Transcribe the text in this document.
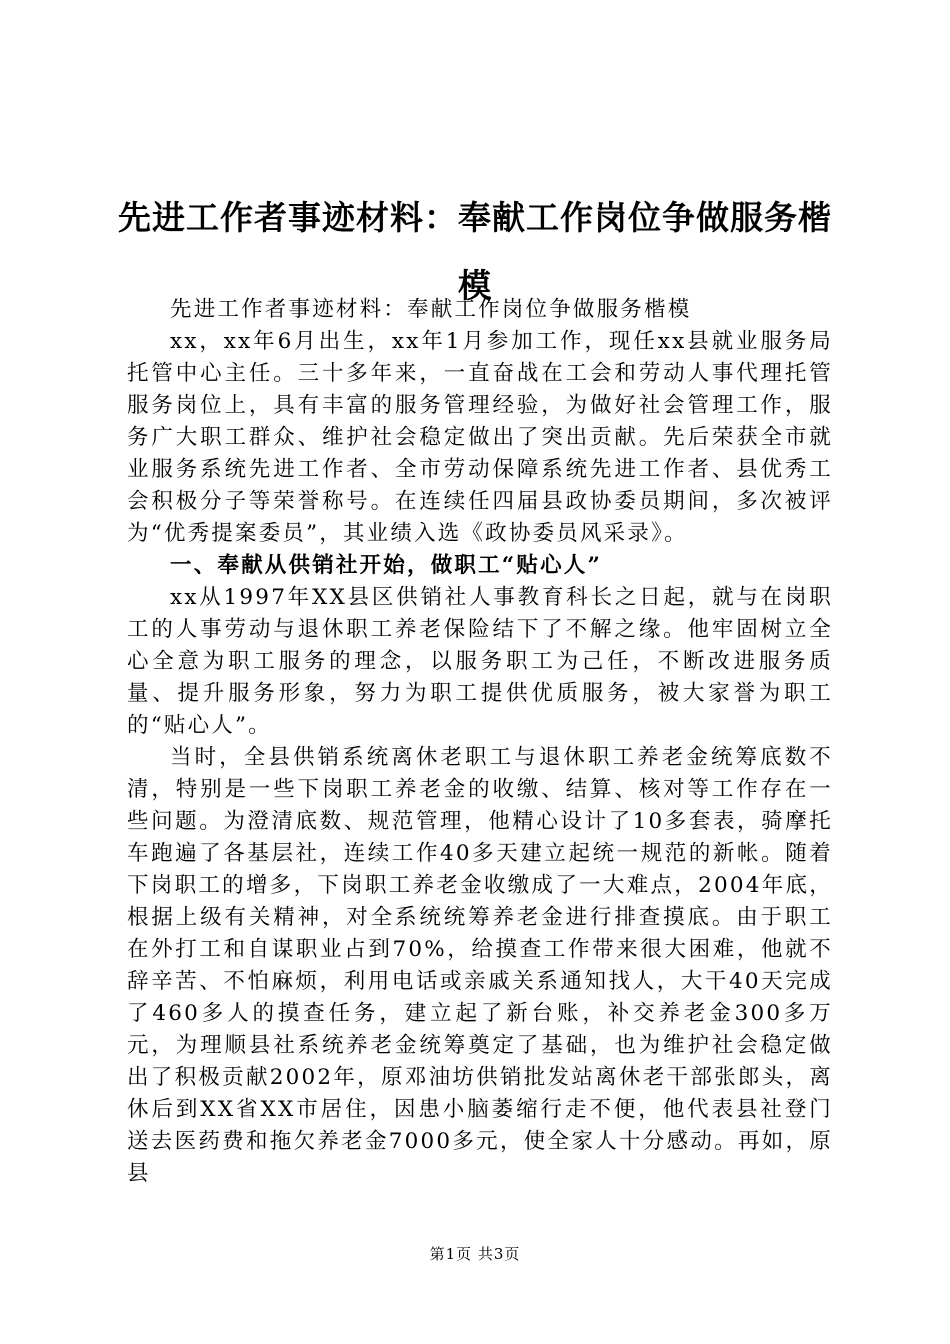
先进工作者事迹材料：奉献工作岗位争做服务楷模

先进工作者事迹材料：奉献工作岗位争做服务楷模

xx，xx年6月出生，xx年1月参加工作，现任xx县就业服务局托管中心主任。三十多年来，一直奋战在工会和劳动人事代理托管服务岗位上，具有丰富的服务管理经验，为做好社会管理工作，服务广大职工群众、维护社会稳定做出了突出贡献。先后荣获全市就业服务系统先进工作者、全市劳动保障系统先进工作者、县优秀工会积极分子等荣誉称号。在连续任四届县政协委员期间，多次被评为“优秀提案委员”，其业绩入选《政协委员风采录》。

一、奉献从供销社开始，做职工“贴心人”

xx从1997年XX县区供销社人事教育科长之日起，就与在岗职工的人事劳动与退休职工养老保险结下了不解之缘。他牢固树立全心全意为职工服务的理念，以服务职工为己任，不断改进服务质量、提升服务形象，努力为职工提供优质服务，被大家誉为职工的“贴心人”。

当时，全县供销系统离休老职工与退休职工养老金统筹底数不清，特别是一些下岗职工养老金的收缴、结算、核对等工作存在一些问题。为澄清底数、规范管理，他精心设计了10多套表，骑摩托车跑遍了各基层社，连续工作40多天建立起统一规范的新帐。随着下岗职工的增多，下岗职工养老金收缴成了一大难点，2004年底，根据上级有关精神，对全系统统筹养老金进行排查摸底。由于职工在外打工和自谋职业占到70%，给摸查工作带来很大困难，他就不辞辛苦、不怕麻烦，利用电话或亲戚关系通知找人，大干40天完成了460多人的摸查任务，建立起了新台账，补交养老金300多万元，为理顺县社系统养老金统筹奠定了基础，也为维护社会稳定做出了积极贡献2002年，原邓油坊供销批发站离休老干部张郎头，离休后到XX省XX市居住，因患小脑萎缩行走不便，他代表县社登门送去医药费和拖欠养老金7000多元，使全家人十分感动。再如，原县

第1页 共3页
